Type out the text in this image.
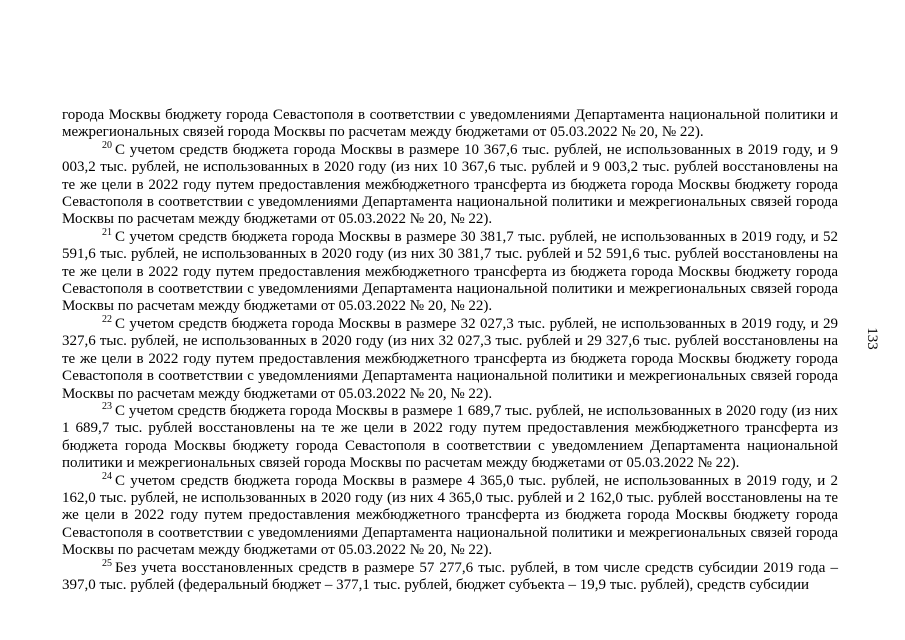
города Москвы бюджету города Севастополя в соответствии с уведомлениями Департамента национальной политики и межрегиональных связей города Москвы по расчетам между бюджетами от 05.03.2022 № 20, № 22).

$^{20}$ С учетом средств бюджета города Москвы в размере 10 367,6 тыс. рублей, не использованных в 2019 году, и 9 003,2 тыс. рублей, не использованных в 2020 году (из них 10 367,6 тыс. рублей и 9 003,2 тыс. рублей восстановлены на те же цели в 2022 году путем предоставления межбюджетного трансферта из бюджета города Москвы бюджету города Севастополя в соответствии с уведомлениями Департамента национальной политики и межрегиональных связей города Москвы по расчетам между бюджетами от 05.03.2022 № 20, № 22).

$^{21}$ С учетом средств бюджета города Москвы в размере 30 381,7 тыс. рублей, не использованных в 2019 году, и 52 591,6 тыс. рублей, не использованных в 2020 году (из них 30 381,7 тыс. рублей и 52 591,6 тыс. рублей восстановлены на те же цели в 2022 году путем предоставления межбюджетного трансферта из бюджета города Москвы бюджету города Севастополя в соответствии с уведомлениями Департамента национальной политики и межрегиональных связей города Москвы по расчетам между бюджетами от 05.03.2022 № 20, № 22).

$^{22}$ С учетом средств бюджета города Москвы в размере 32 027,3 тыс. рублей, не использованных в 2019 году, и 29 327,6 тыс. рублей, не использованных в 2020 году (из них 32 027,3 тыс. рублей и 29 327,6 тыс. рублей восстановлены на те же цели в 2022 году путем предоставления межбюджетного трансферта из бюджета города Москвы бюджету города Севастополя в соответствии с уведомлениями Департамента национальной политики и межрегиональных связей города Москвы по расчетам между бюджетами от 05.03.2022 № 20, № 22).

$^{23}$ С учетом средств бюджета города Москвы в размере 1 689,7 тыс. рублей, не использованных в 2020 году (из них 1 689,7 тыс. рублей восстановлены на те же цели в 2022 году путем предоставления межбюджетного трансферта из бюджета города Москвы бюджету города Севастополя в соответствии с уведомлением Департамента национальной политики и межрегиональных связей города Москвы по расчетам между бюджетами от 05.03.2022 № 22).

$^{24}$ С учетом средств бюджета города Москвы в размере 4 365,0 тыс. рублей, не использованных в 2019 году, и 2 162,0 тыс. рублей, не использованных в 2020 году (из них 4 365,0 тыс. рублей и 2 162,0 тыс. рублей восстановлены на те же цели в 2022 году путем предоставления межбюджетного трансферта из бюджета города Москвы бюджету города Севастополя в соответствии с уведомлениями Департамента национальной политики и межрегиональных связей города Москвы по расчетам между бюджетами от 05.03.2022 № 20, № 22).

$^{25}$ Без учета восстановленных средств в размере 57 277,6 тыс. рублей, в том числе средств субсидии 2019 года – 397,0 тыс. рублей (федеральный бюджет – 377,1 тыс. рублей, бюджет субъекта – 19,9 тыс. рублей), средств субсидии

133
